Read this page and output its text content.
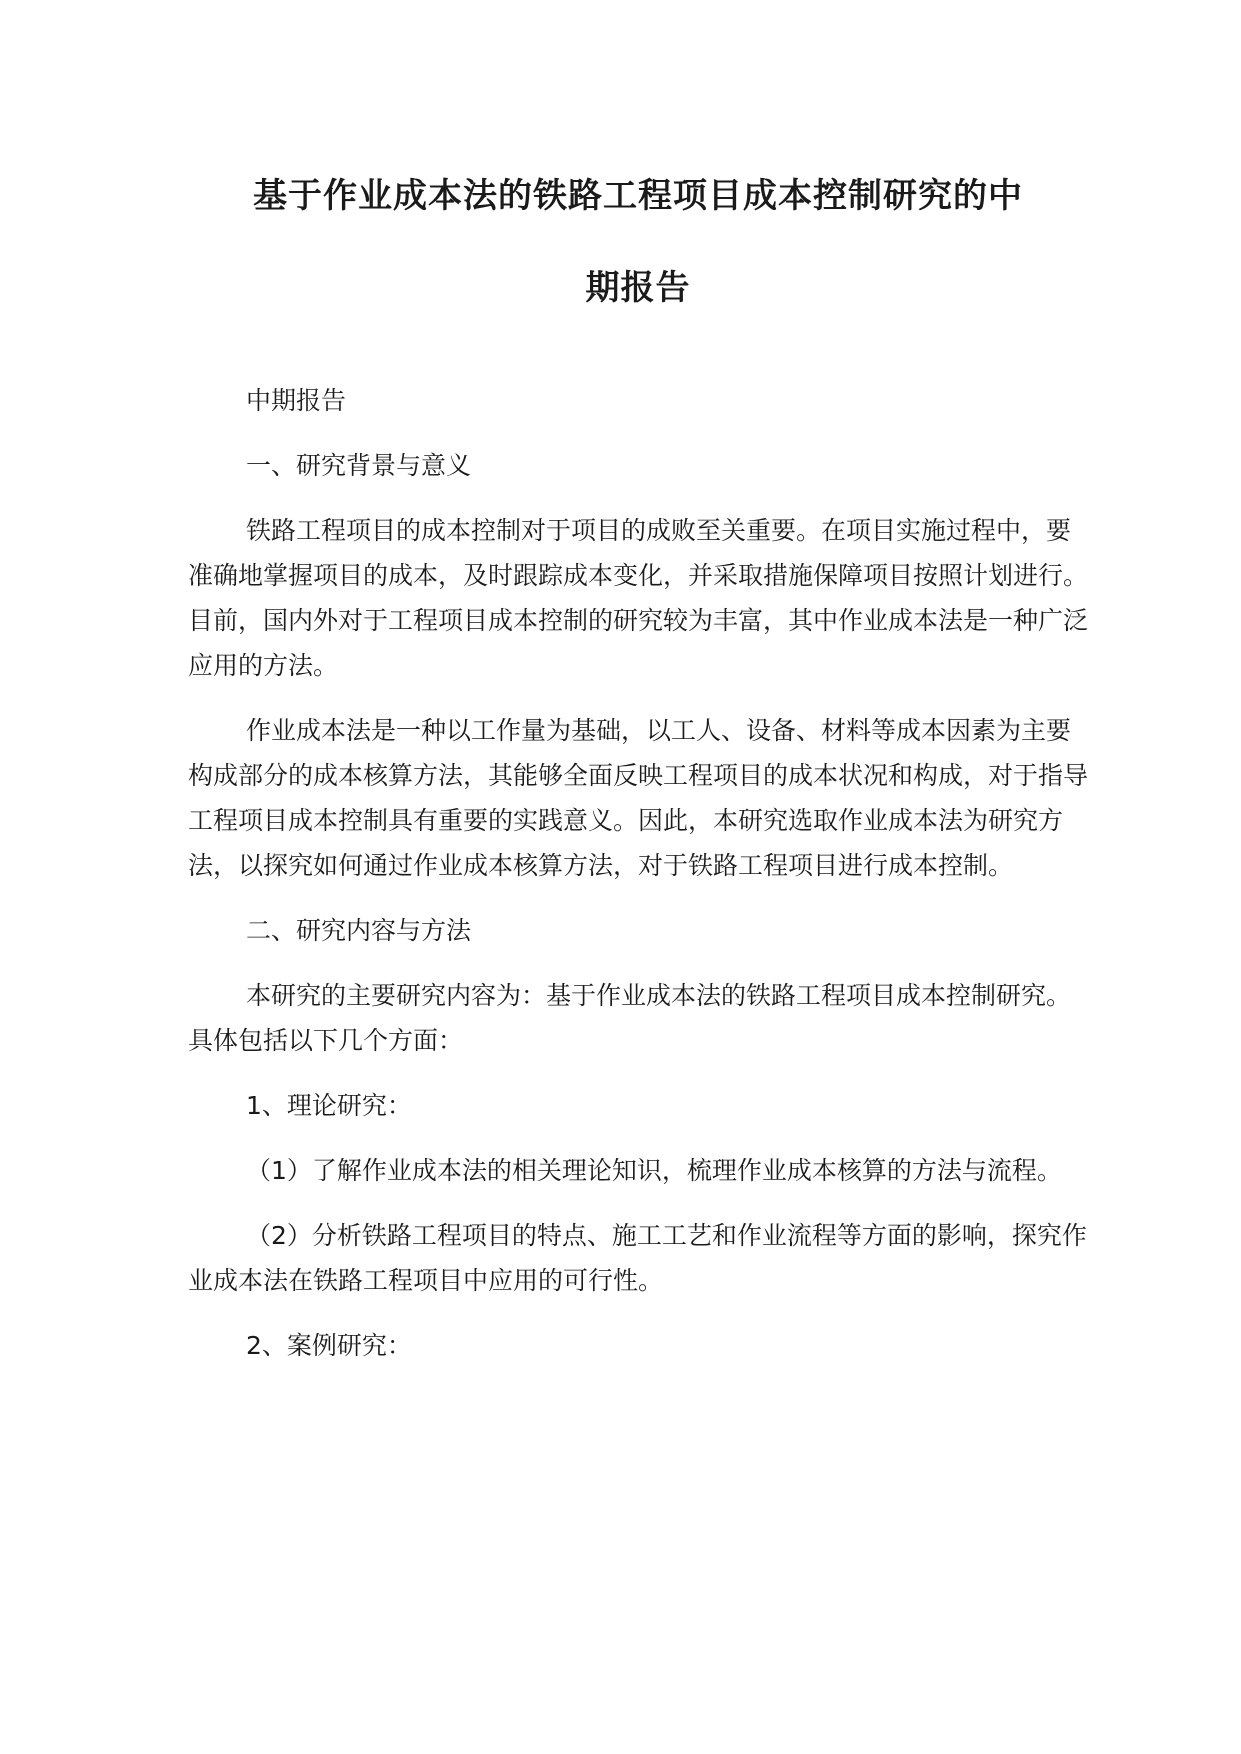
基于作业成本法的铁路工程项目成本控制研究的中
期报告

中期报告

一、研究背景与意义

铁路工程项目的成本控制对于项目的成败至关重要。在项目实施过程中，要准确地掌握项目的成本，及时跟踪成本变化，并采取措施保障项目按照计划进行。目前，国内外对于工程项目成本控制的研究较为丰富，其中作业成本法是一种广泛应用的方法。

作业成本法是一种以工作量为基础，以工人、设备、材料等成本因素为主要构成部分的成本核算方法，其能够全面反映工程项目的成本状况和构成，对于指导工程项目成本控制具有重要的实践意义。因此，本研究选取作业成本法为研究方法，以探究如何通过作业成本核算方法，对于铁路工程项目进行成本控制。

二、研究内容与方法

本研究的主要研究内容为：基于作业成本法的铁路工程项目成本控制研究。具体包括以下几个方面：

1、理论研究：

（1）了解作业成本法的相关理论知识，梳理作业成本核算的方法与流程。

（2）分析铁路工程项目的特点、施工工艺和作业流程等方面的影响，探究作业成本法在铁路工程项目中应用的可行性。

2、案例研究：
